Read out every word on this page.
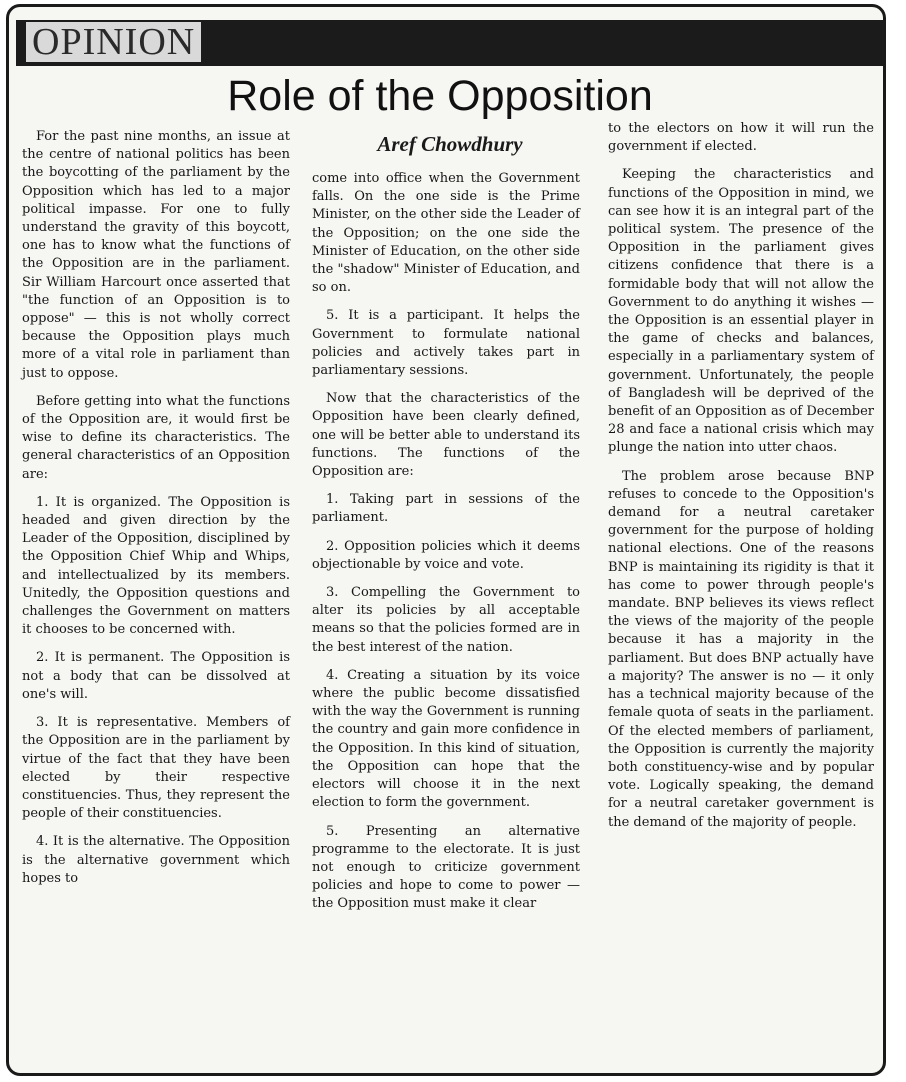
OPINION
Role of the Opposition
Aref Chowdhury

For the past nine months, an issue at the centre of national politics has been the boycotting of the parliament by the Opposition which has led to a major political impasse. For one to fully understand the gravity of this boycott, one has to know what the functions of the Opposition are in the parliament. Sir William Harcourt once asserted that "the function of an Opposition is to oppose" — this is not wholly correct because the Opposition plays much more of a vital role in parliament than just to oppose.

Before getting into what the functions of the Opposition are, it would first be wise to define its characteristics. The general characteristics of an Opposition are:

1. It is organized. The Opposition is headed and given direction by the Leader of the Opposition, disciplined by the Opposition Chief Whip and Whips, and intellectualized by its members. Unitedly, the Opposition questions and challenges the Government on matters it chooses to be concerned with.

2. It is permanent. The Opposition is not a body that can be dissolved at one's will.

3. It is representative. Members of the Opposition are in the parliament by virtue of the fact that they have been elected by their respective constituencies. Thus, they represent the people of their constituencies.

4. It is the alternative. The Opposition is the alternative government which hopes to

come into office when the Government falls. On the one side is the Prime Minister, on the other side the Leader of the Opposition; on the one side the Minister of Education, on the other side the "shadow" Minister of Education, and so on.

5. It is a participant. It helps the Government to formulate national policies and actively takes part in parliamentary sessions.

Now that the characteristics of the Opposition have been clearly defined, one will be better able to understand its functions. The functions of the Opposition are:

1. Taking part in sessions of the parliament.

2. Opposition policies which it deems objectionable by voice and vote.

3. Compelling the Government to alter its policies by all acceptable means so that the policies formed are in the best interest of the nation.

4. Creating a situation by its voice where the public become dissatisfied with the way the Government is running the country and gain more confidence in the Opposition. In this kind of situation, the Opposition can hope that the electors will choose it in the next election to form the government.

5. Presenting an alternative programme to the electorate. It is just not enough to criticize government policies and hope to come to power — the Opposition must make it clear

to the electors on how it will run the government if elected.

Keeping the characteristics and functions of the Opposition in mind, we can see how it is an integral part of the political system. The presence of the Opposition in the parliament gives citizens confidence that there is a formidable body that will not allow the Government to do anything it wishes — the Opposition is an essential player in the game of checks and balances, especially in a parliamentary system of government. Unfortunately, the people of Bangladesh will be deprived of the benefit of an Opposition as of December 28 and face a national crisis which may plunge the nation into utter chaos.

The problem arose because BNP refuses to concede to the Opposition's demand for a neutral caretaker government for the purpose of holding national elections. One of the reasons BNP is maintaining its rigidity is that it has come to power through people's mandate. BNP believes its views reflect the views of the majority of the people because it has a majority in the parliament. But does BNP actually have a majority? The answer is no — it only has a technical majority because of the female quota of seats in the parliament. Of the elected members of parliament, the Opposition is currently the majority both constituency-wise and by popular vote. Logically speaking, the demand for a neutral caretaker government is the demand of the majority of people.
